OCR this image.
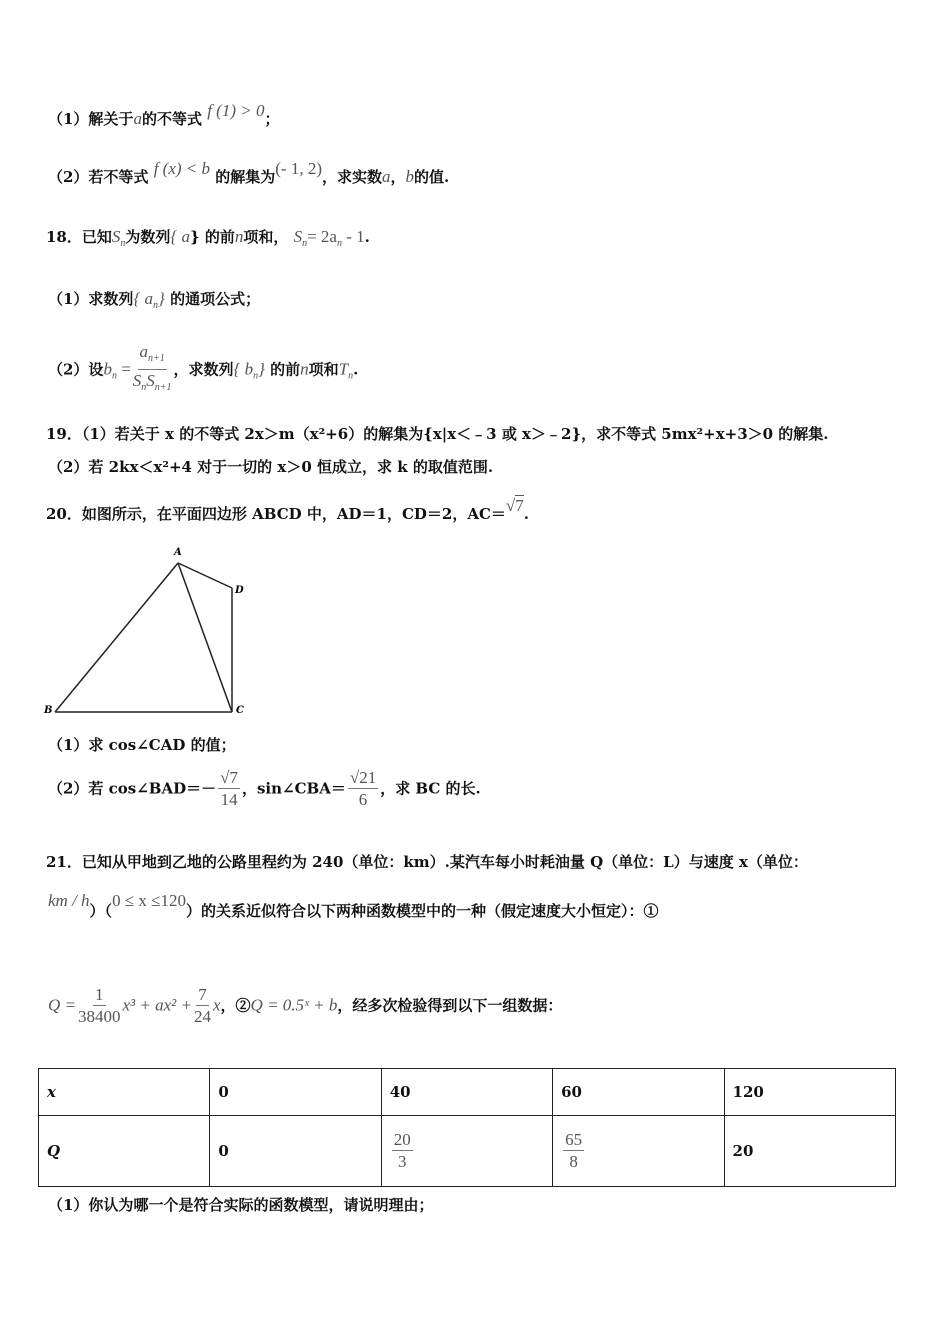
（1）解关于a的不等式 f (1) > 0；
（2）若不等式 f (x) < b 的解集为(- 1, 2)，求实数a，b的值.
18．已知$S_n$为数列{ a} 的前n项和， $S_n= 2a_n - 1$.
（1）求数列{ $a_n$} 的通项公式；
（2）设$b_n = \frac{a_{n+1}}{S_nS_{n+1}}$ ，求数列{ $b_n$} 的前n项和$T_n$.
19．（1）若关于 x 的不等式 2x＞m（x²+6）的解集为{x|x＜﹣3 或 x＞﹣2}，求不等式 5mx²+x+3＞0 的解集.
（2）若 2kx＜x²+4 对于一切的 x＞0 恒成立，求 k 的取值范围.
20．如图所示，在平面四边形 ABCD 中，AD＝1，CD＝2，AC＝√7.
A
D
B	C
（1）求 cos∠CAD 的值；
（2）若 cos∠BAD＝－ $\frac{√7}{14}$ ，sin∠CBA＝ $\frac{√21}{6}$ ，求 BC 的长.
21．已知从甲地到乙地的公路里程约为 240（单位：km）.某汽车每小时耗油量 Q（单位：L）与速度 x（单位：
km / h）（0 ≤ x ≤120）的关系近似符合以下两种函数模型中的一种（假定速度大小恒定）：①
$Q = \frac{1}{38400} x^3 + ax^2 + \frac{7}{24}$ x，②Q = 0.5ˣ + b，经多次检验得到以下一组数据：
x	0	40	60	120
Q	0	$\frac{20}{3}$	$\frac{65}{8}$	20
（1）你认为哪一个是符合实际的函数模型，请说明理由；
